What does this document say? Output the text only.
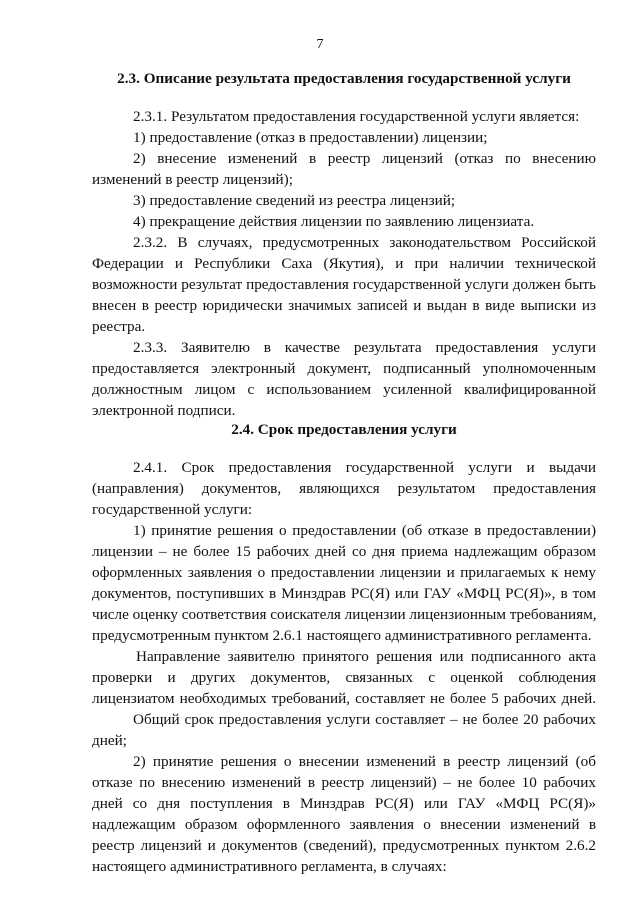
7
2.3. Описание результата предоставления государственной услуги
2.3.1. Результатом предоставления государственной услуги является:
1) предоставление (отказ в предоставлении) лицензии;
2) внесение изменений в реестр лицензий (отказ по внесению
изменений в реестр лицензий);
3) предоставление сведений из реестра лицензий;
4) прекращение действия лицензии по заявлению лицензиата.
2.3.2. В случаях, предусмотренных законодательством Российской
Федерации и Республики Саха (Якутия), и при наличии технической
возможности результат предоставления государственной услуги должен быть
внесен в реестр юридически значимых записей и выдан в виде выписки из
реестра.
2.3.3. Заявителю в качестве результата предоставления услуги
предоставляется электронный документ, подписанный уполномоченным
должностным лицом с использованием усиленной квалифицированной
электронной подписи.
2.4. Срок предоставления услуги
2.4.1. Срок предоставления государственной услуги и выдачи
(направления) документов, являющихся результатом предоставления
государственной услуги:
1) принятие решения о предоставлении (об отказе в предоставлении)
лицензии – не более 15 рабочих дней со дня приема надлежащим образом
оформленных заявления о предоставлении лицензии и прилагаемых к нему
документов, поступивших в Минздрав РС(Я) или ГАУ «МФЦ РС(Я)», в том
числе оценку соответствия соискателя лицензии лицензионным требованиям,
предусмотренным пунктом 2.6.1 настоящего административного регламента.
Направление заявителю принятого решения или подписанного акта
проверки и других документов, связанных с оценкой соблюдения
лицензиатом необходимых требований, составляет не более 5 рабочих дней.
Общий срок предоставления услуги составляет – не более 20 рабочих
дней;
2) принятие решения о внесении изменений в реестр лицензий (об
отказе по внесению изменений в реестр лицензий) – не более 10 рабочих
дней со дня поступления в Минздрав РС(Я) или ГАУ «МФЦ РС(Я)»
надлежащим образом оформленного заявления о внесении изменений в
реестр лицензий и документов (сведений), предусмотренных пунктом 2.6.2
настоящего административного регламента, в случаях:
